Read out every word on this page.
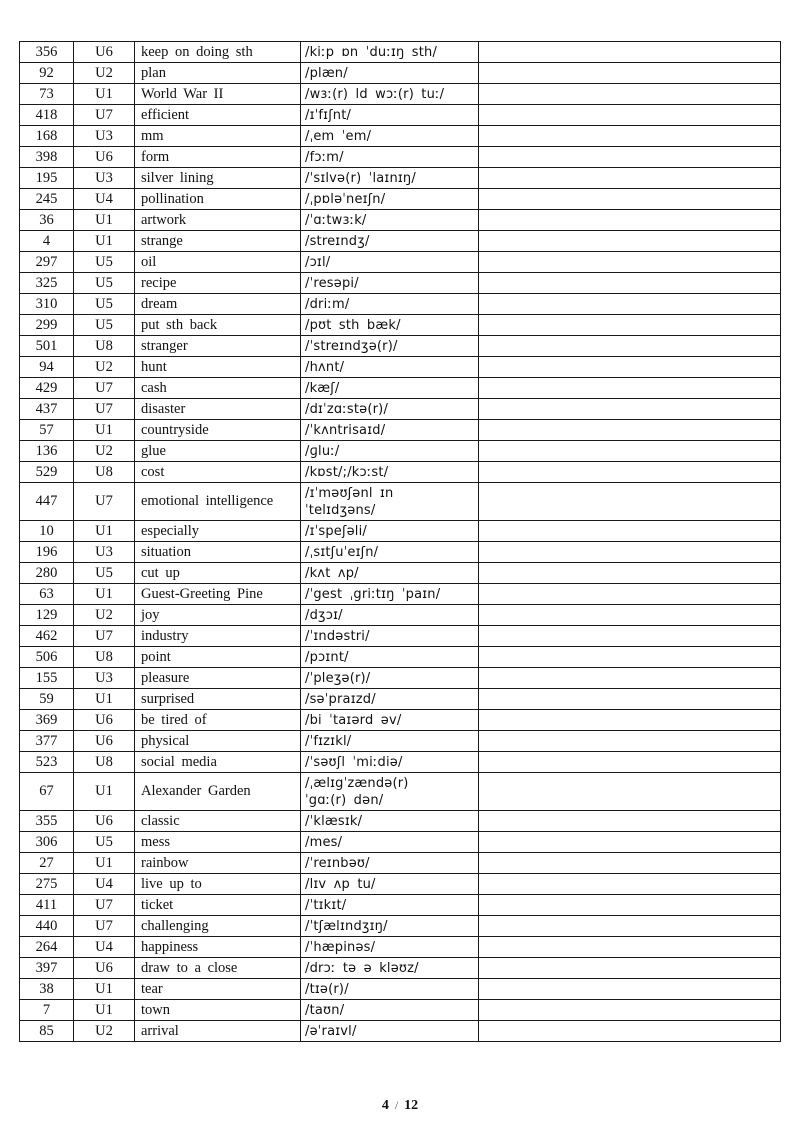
356	U6	keep on doing sth	/kiːp ɒn ˈduːɪŋ sth/	
92	U2	plan	/plæn/	
73	U1	World War II	/wɜː(r) ld wɔː(r) tuː/	
418	U7	efficient	/ɪˈfɪʃnt/	
168	U3	mm	/ˌem ˈem/	
398	U6	form	/fɔːm/	
195	U3	silver lining	/ˈsɪlvə(r) ˈlaɪnɪŋ/	
245	U4	pollination	/ˌpɒləˈneɪʃn/	
36	U1	artwork	/ˈɑːtwɜːk/	
4	U1	strange	/streɪndʒ/	
297	U5	oil	/ɔɪl/	
325	U5	recipe	/ˈresəpi/	
310	U5	dream	/driːm/	
299	U5	put sth back	/pʊt sth bæk/	
501	U8	stranger	/ˈstreɪndʒə(r)/	
94	U2	hunt	/hʌnt/	
429	U7	cash	/kæʃ/	
437	U7	disaster	/dɪˈzɑːstə(r)/	
57	U1	countryside	/ˈkʌntrisaɪd/	
136	U2	glue	/ɡluː/	
529	U8	cost	/kɒst/;/kɔːst/	
447	U7	emotional intelligence	/ɪˈməʊʃənl ɪn
ˈtelɪdʒəns/	

10	U1	especially	/ɪˈspeʃəli/	
196	U3	situation	/ˌsɪtʃuˈeɪʃn/	
280	U5	cut up	/kʌt ʌp/	
63	U1	Guest-Greeting Pine	/ˈgest ˌgriːtɪŋ ˈpaɪn/	
129	U2	joy	/dʒɔɪ/	
462	U7	industry	/ˈɪndəstri/	
506	U8	point	/pɔɪnt/	
155	U3	pleasure	/ˈpleʒə(r)/	
59	U1	surprised	/səˈpraɪzd/	
369	U6	be tired of	/bi ˈtaɪərd əv/	
377	U6	physical	/ˈfɪzɪkl/	
523	U8	social media	/ˈsəʊʃl ˈmiːdiə/	
67	U1	Alexander Garden	/ˌælɪgˈzændə(r)
ˈgɑː(r) dən/	

355	U6	classic	/ˈklæsɪk/	
306	U5	mess	/mes/	
27	U1	rainbow	/ˈreɪnbəʊ/	
275	U4	live up to	/lɪv ʌp tu/	
411	U7	ticket	/ˈtɪkɪt/	
440	U7	challenging	/ˈtʃælɪndʒɪŋ/	
264	U4	happiness	/ˈhæpinəs/	
397	U6	draw to a close	/drɔː tə ə kləʊz/	
38	U1	tear	/tɪə(r)/	
7	U1	town	/taʊn/	
85	U2	arrival	/əˈraɪvl/	
4 / 12
